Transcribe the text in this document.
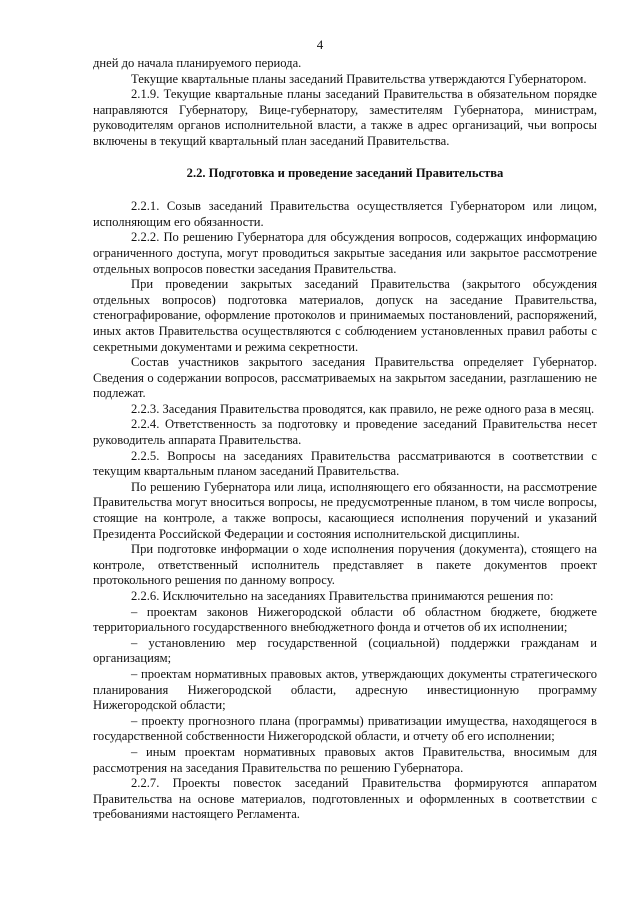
4

дней до начала планируемого периода.

Текущие квартальные планы заседаний Правительства утверждаются Губернатором.

2.1.9. Текущие квартальные планы заседаний Правительства в обязательном порядке направляются Губернатору, Вице-губернатору, заместителям Губернатора, министрам, руководителям органов исполнительной власти, а также в адрес организаций, чьи вопросы включены в текущий квартальный план заседаний Правительства.

2.2. Подготовка и проведение заседаний Правительства

2.2.1. Созыв заседаний Правительства осуществляется Губернатором или лицом, исполняющим его обязанности.

2.2.2. По решению Губернатора для обсуждения вопросов, содержащих информацию ограниченного доступа, могут проводиться закрытые заседания или закрытое рассмотрение отдельных вопросов повестки заседания Правительства.

При проведении закрытых заседаний Правительства (закрытого обсуждения отдельных вопросов) подготовка материалов, допуск на заседание Правительства, стенографирование, оформление протоколов и принимаемых постановлений, распоряжений, иных актов Правительства осуществляются с соблюдением установленных правил работы с секретными документами и режима секретности.

Состав участников закрытого заседания Правительства определяет Губернатор. Сведения о содержании вопросов, рассматриваемых на закрытом заседании, разглашению не подлежат.

2.2.3. Заседания Правительства проводятся, как правило, не реже одного раза в месяц.

2.2.4. Ответственность за подготовку и проведение заседаний Правительства несет руководитель аппарата Правительства.

2.2.5. Вопросы на заседаниях Правительства рассматриваются в соответствии с текущим квартальным планом заседаний Правительства.

По решению Губернатора или лица, исполняющего его обязанности, на рассмотрение Правительства могут вноситься вопросы, не предусмотренные планом, в том числе вопросы, стоящие на контроле, а также вопросы, касающиеся исполнения поручений и указаний Президента Российской Федерации и состояния исполнительской дисциплины.

При подготовке информации о ходе исполнения поручения (документа), стоящего на контроле, ответственный исполнитель представляет в пакете документов проект протокольного решения по данному вопросу.

2.2.6. Исключительно на заседаниях Правительства принимаются решения по:

– проектам законов Нижегородской области об областном бюджете, бюджете территориального государственного внебюджетного фонда и отчетов об их исполнении;

– установлению мер государственной (социальной) поддержки гражданам и организациям;

– проектам нормативных правовых актов, утверждающих документы стратегического планирования Нижегородской области, адресную инвестиционную программу Нижегородской области;

– проекту прогнозного плана (программы) приватизации имущества, находящегося в государственной собственности Нижегородской области, и отчету об его исполнении;

– иным проектам нормативных правовых актов Правительства, вносимым для рассмотрения на заседания Правительства по решению Губернатора.

2.2.7. Проекты повесток заседаний Правительства формируются аппаратом Правительства на основе материалов, подготовленных и оформленных в соответствии с требованиями настоящего Регламента.
